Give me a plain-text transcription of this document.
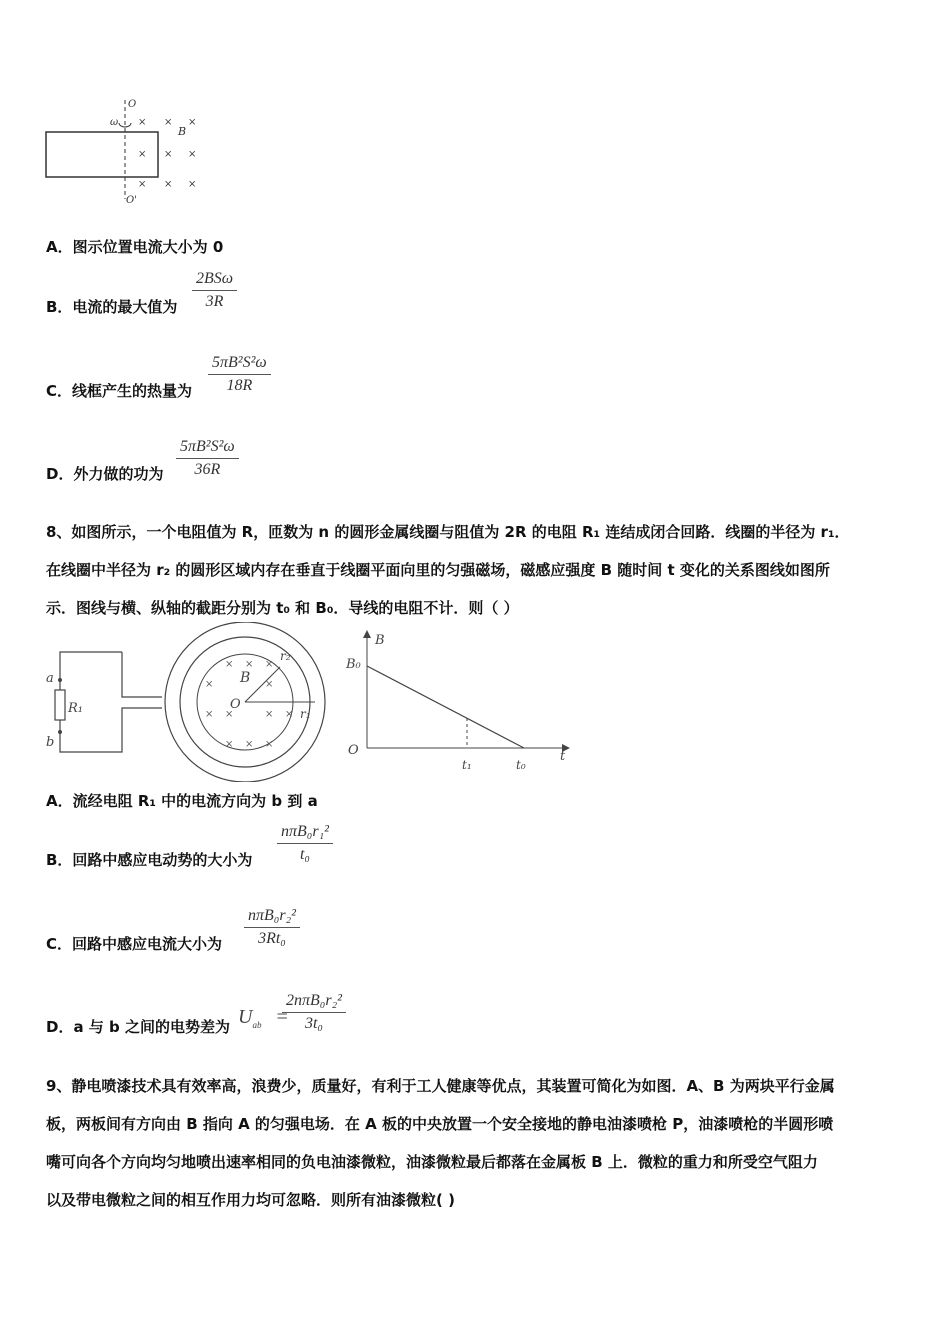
O
O'
ω
B
× × ×
× × ×
× × ×
A．图示位置电流大小为 0
B．电流的最大值为
2BSω
3R
C．线框产生的热量为
5πB²S²ω
18R
D．外力做的功为
5πB²S²ω
36R
8、如图所示，一个电阻值为 R，匝数为 n 的圆形金属线圈与阻值为 2R 的电阻 R₁ 连结成闭合回路．线圈的半径为 r₁．
在线圈中半径为 r₂ 的圆形区域内存在垂直于线圈平面向里的匀强磁场，磁感应强度 B 随时间 t 变化的关系图线如图所
示．图线与横、纵轴的截距分别为 t₀ 和 B₀．导线的电阻不计．则（ ）
a
b
R₁
× × ×
×	×
× ×	× ×
× × ×
B
O
r₁
r₂
B
B₀
O
t₁	t₀
t
A．流经电阻 R₁ 中的电流方向为 b 到 a
B．回路中感应电动势的大小为
nπB₀r₁²
t₀
C．回路中感应电流大小为
nπB₀r₂²
3Rt₀
D．a 与 b 之间的电势差为 $U_{ab}$ =
2nπB₀r₂²
3t₀
9、静电喷漆技术具有效率高，浪费少，质量好，有利于工人健康等优点，其装置可简化为如图．A、B 为两块平行金属
板，两板间有方向由 B 指向 A 的匀强电场．在 A 板的中央放置一个安全接地的静电油漆喷枪 P，油漆喷枪的半圆形喷
嘴可向各个方向均匀地喷出速率相同的负电油漆微粒，油漆微粒最后都落在金属板 B 上．微粒的重力和所受空气阻力
以及带电微粒之间的相互作用力均可忽略．则所有油漆微粒( )
